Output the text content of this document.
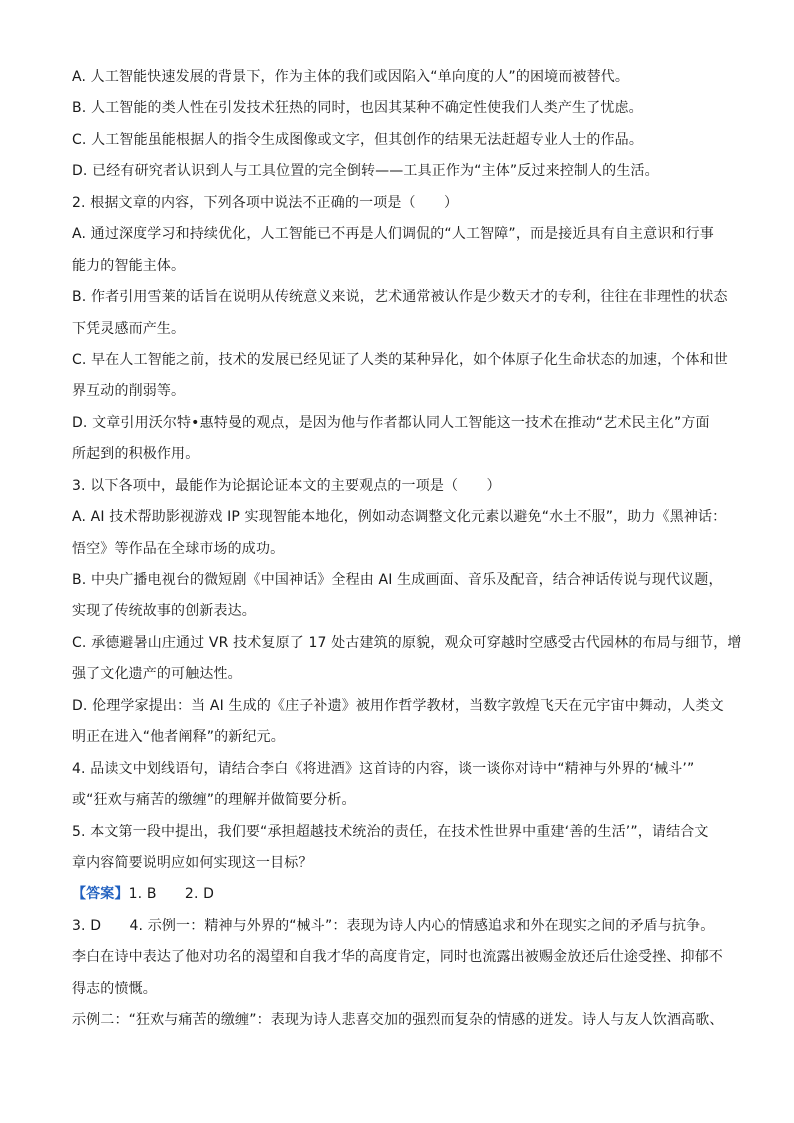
A. 人工智能快速发展的背景下，作为主体的我们或因陷入“单向度的人”的困境而被替代。
B. 人工智能的类人性在引发技术狂热的同时，也因其某种不确定性使我们人类产生了忧虑。
C. 人工智能虽能根据人的指令生成图像或文字，但其创作的结果无法赶超专业人士的作品。
D. 已经有研究者认识到人与工具位置的完全倒转——工具正作为“主体”反过来控制人的生活。
2. 根据文章的内容，下列各项中说法不正确的一项是（　　）
A. 通过深度学习和持续优化，人工智能已不再是人们调侃的“人工智障”，而是接近具有自主意识和行事
能力的智能主体。
B. 作者引用雪莱的话旨在说明从传统意义来说，艺术通常被认作是少数天才的专利，往往在非理性的状态
下凭灵感而产生。
C. 早在人工智能之前，技术的发展已经见证了人类的某种异化，如个体原子化生命状态的加速，个体和世
界互动的削弱等。
D. 文章引用沃尔特•惠特曼的观点，是因为他与作者都认同人工智能这一技术在推动“艺术民主化”方面
所起到的积极作用。
3. 以下各项中，最能作为论据论证本文的主要观点的一项是（　　）
A. AI 技术帮助影视游戏 IP 实现智能本地化，例如动态调整文化元素以避免“水土不服”，助力《黑神话：
悟空》等作品在全球市场的成功。
B. 中央广播电视台的微短剧《中国神话》全程由 AI 生成画面、音乐及配音，结合神话传说与现代议题，
实现了传统故事的创新表达。
C. 承德避暑山庄通过 VR 技术复原了 17 处古建筑的原貌，观众可穿越时空感受古代园林的布局与细节，增
强了文化遗产的可触达性。
D. 伦理学家提出：当 AI 生成的《庄子补遗》被用作哲学教材，当数字敦煌飞天在元宇宙中舞动，人类文
明正在进入“他者阐释”的新纪元。
4. 品读文中划线语句，请结合李白《将进酒》这首诗的内容，谈一谈你对诗中“精神与外界的‘械斗’”
或“狂欢与痛苦的缴缠”的理解并做简要分析。
5. 本文第一段中提出，我们要“承担超越技术统治的责任，在技术性世界中重建‘善的生活’”，请结合文
章内容简要说明应如何实现这一目标？
【答案】1. B　　2. D
3. D　　4. 示例一：精神与外界的“械斗”：表现为诗人内心的情感追求和外在现实之间的矛盾与抗争。
李白在诗中表达了他对功名的渴望和自我才华的高度肯定，同时也流露出被赐金放还后仕途受挫、抑郁不
得志的愤慨。
示例二：“狂欢与痛苦的缴缠”：表现为诗人悲喜交加的强烈而复杂的情感的迸发。诗人与友人饮酒高歌、
